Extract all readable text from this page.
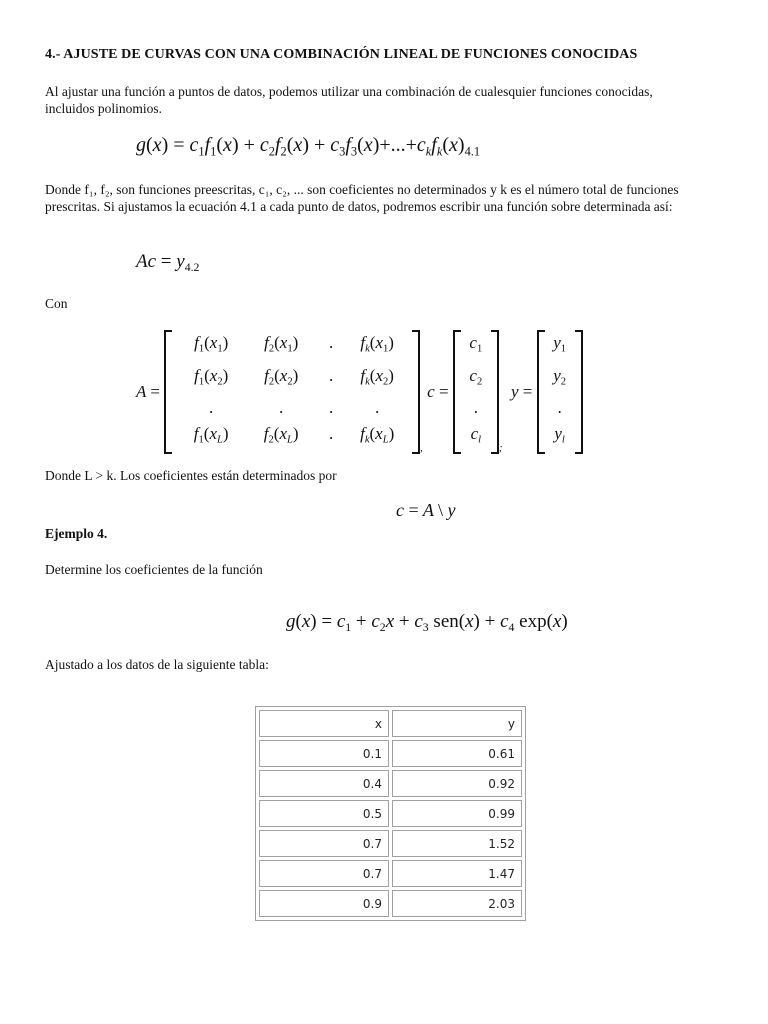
4.- AJUSTE DE CURVAS CON UNA COMBINACIÓN LINEAL DE FUNCIONES CONOCIDAS
Al ajustar una función a puntos de datos, podemos utilizar una combinación de cualesquier funciones conocidas, incluidos polinomios.
$g(x) = c_1f_1(x) + c_2f_2(x) + c_3f_3(x)+...+c_kf_k(x)_{4.1}$
Donde f₁, f₂, son funciones preescritas, c₁, c₂, ... son coeficientes no determinados y k es el número total de funciones prescritas. Si ajustamos la ecuación 4.1 a cada punto de datos, podremos escribir una función sobre determinada así:
$Ac = y_{4.2}$
Con
A =
$f_1(x_1)$	$f_2(x_1)$	.	$f_k(x_1)$
$f_1(x_2)$	$f_2(x_2)$	.	$f_k(x_2)$
.	.	.	.
$f_1(x_L)$	$f_2(x_L)$	.	$f_k(x_L)$
,
c =
$c_1$
$c_2$
.
$c_l$
;
y =
$y_1$
$y_2$
.
$y_l$
Donde L > k. Los coeficientes están determinados por
c = A \ y
Ejemplo 4.
Determine los coeficientes de la función
$g(x) = c_1 + c_2x + c_3$ $sen(x) + c_4$ exp(x)
Ajustado a los datos de la siguiente tabla:
x	y
0.1	0.61
0.4	0.92
0.5	0.99
0.7	1.52
0.7	1.47
0.9	2.03
